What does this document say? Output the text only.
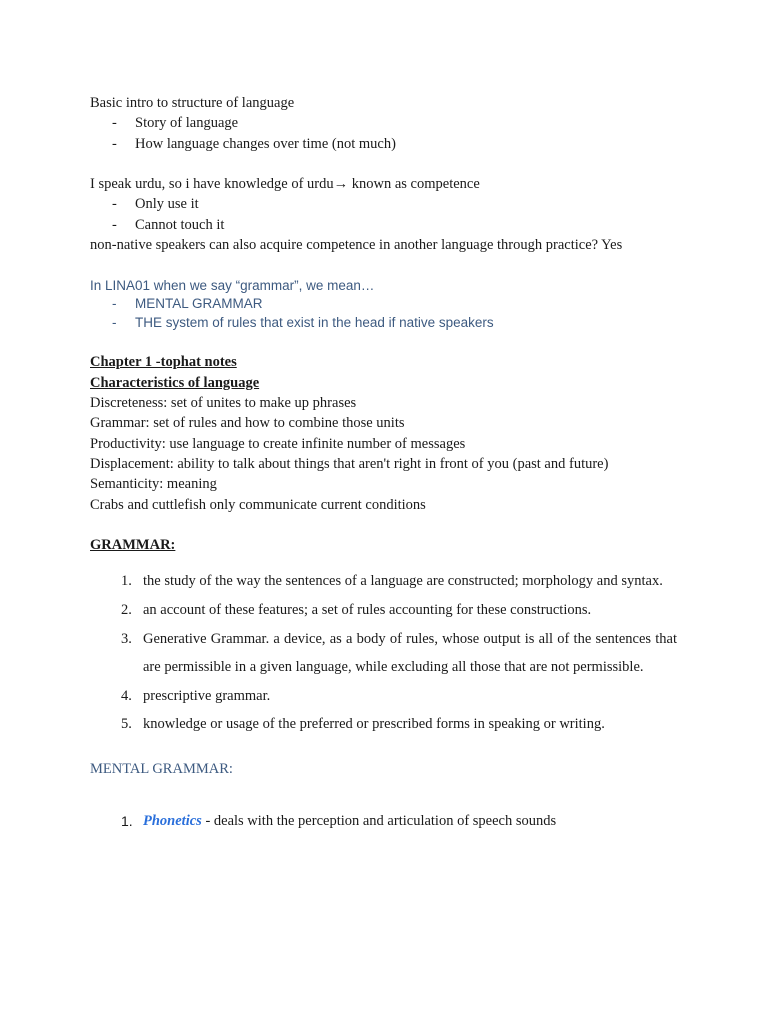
Basic intro to structure of language
- Story of language
- How language changes over time (not much)
I speak urdu, so i have knowledge of urdu→ known as competence
- Only use it
- Cannot touch it
non-native speakers can also acquire competence in another language through practice? Yes
In LINA01 when we say “grammar”, we mean…
- MENTAL GRAMMAR
- THE system of rules that exist in the head if native speakers
Chapter 1 -tophat notes
Characteristics of language
Discreteness: set of unites to make up phrases
Grammar: set of rules and how to combine those units
Productivity: use language to create infinite number of messages
Displacement: ability to talk about things that aren't right in front of you (past and future)
Semanticity: meaning
Crabs and cuttlefish only communicate current conditions
GRAMMAR:
1. the study of the way the sentences of a language are constructed; morphology and syntax.
2. an account of these features; a set of rules accounting for these constructions.
3. Generative Grammar. a device, as a body of rules, whose output is all of the sentences that are permissible in a given language, while excluding all those that are not permissible.
4. prescriptive grammar.
5. knowledge or usage of the preferred or prescribed forms in speaking or writing.
MENTAL GRAMMAR:
1. Phonetics - deals with the perception and articulation of speech sounds
